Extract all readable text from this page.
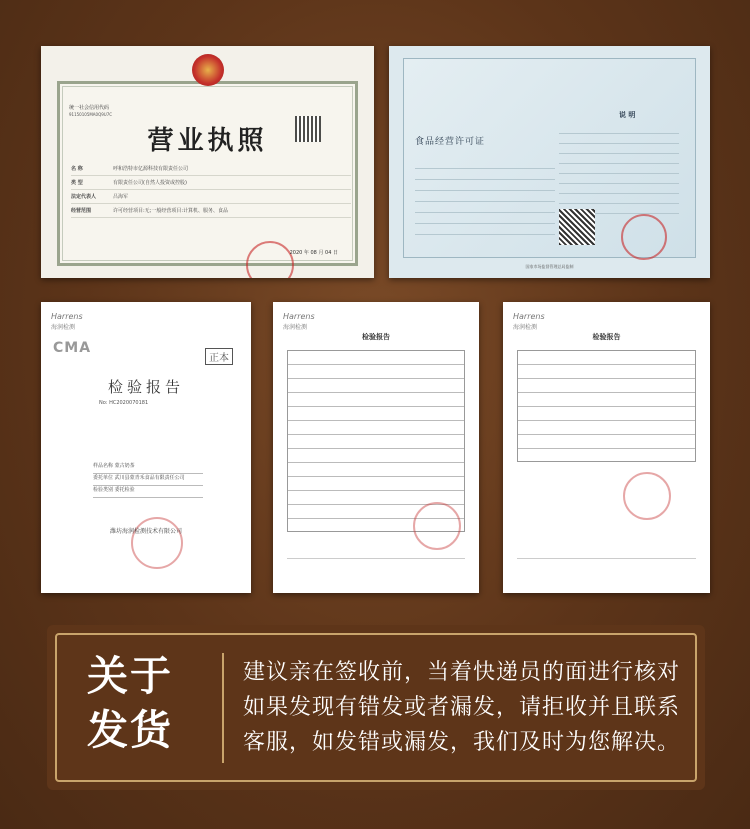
统一社会信用代码
91150105MA0Q9U7C
营业执照
名 称	呼和浩特市亿源科技有限责任公司
类 型	有限责任公司(自然人投资或控股)
法定代表人	吕海军
经营范围	许可经营项目:无;一般经营项目:计算机、服务、食品
2020 年 08 月 04 日
说 明
食品经营许可证
国家市场监督管理总局监制
Harrens
海润检测
CMA
正本
检验报告
No: HC2020070181
样品名称 蒙古奶茶
委托单位 武川县蒙青禾食品有限责任公司
检验类别 委托检验
潍坊海润检测技术有限公司
Harrens
海润检测
检验报告
Harrens
海润检测
检验报告
关于发货
建议亲在签收前，当着快递员的面进行核对如果发现有错发或者漏发，请拒收并且联系客服，如发错或漏发，我们及时为您解决。
